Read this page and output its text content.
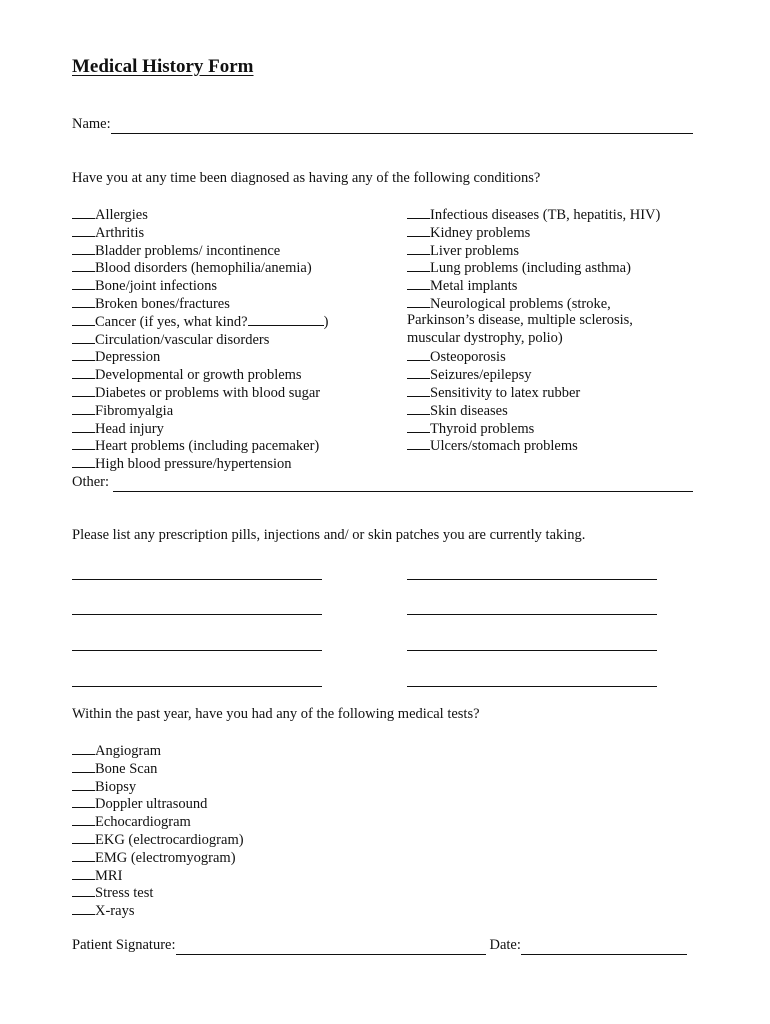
Medical History Form
Name:
Have you at any time been diagnosed as having any of the following conditions?
Allergies
Arthritis
Bladder problems/ incontinence
Blood disorders (hemophilia/anemia)
Bone/joint infections
Broken bones/fractures
Cancer (if yes, what kind?	)
Circulation/vascular disorders
Depression
Developmental or growth problems
Diabetes or problems with blood sugar
Fibromyalgia
Head injury
Heart problems (including pacemaker)
High blood pressure/hypertension
Infectious diseases (TB, hepatitis, HIV)
Kidney problems
Liver problems
Lung problems (including asthma)
Metal implants
Neurological problems (stroke,
Parkinson’s disease, multiple sclerosis,
muscular dystrophy, polio)
Osteoporosis
Seizures/epilepsy
Sensitivity to latex rubber
Skin diseases
Thyroid problems
Ulcers/stomach problems
Other:
Please list any prescription pills, injections and/ or skin patches you are currently taking.
Within the past year, have you had any of the following medical tests?
Angiogram
Bone Scan
Biopsy
Doppler ultrasound
Echocardiogram
EKG (electrocardiogram)
EMG (electromyogram)
MRI
Stress test
X-rays
Patient Signature:	Date:
